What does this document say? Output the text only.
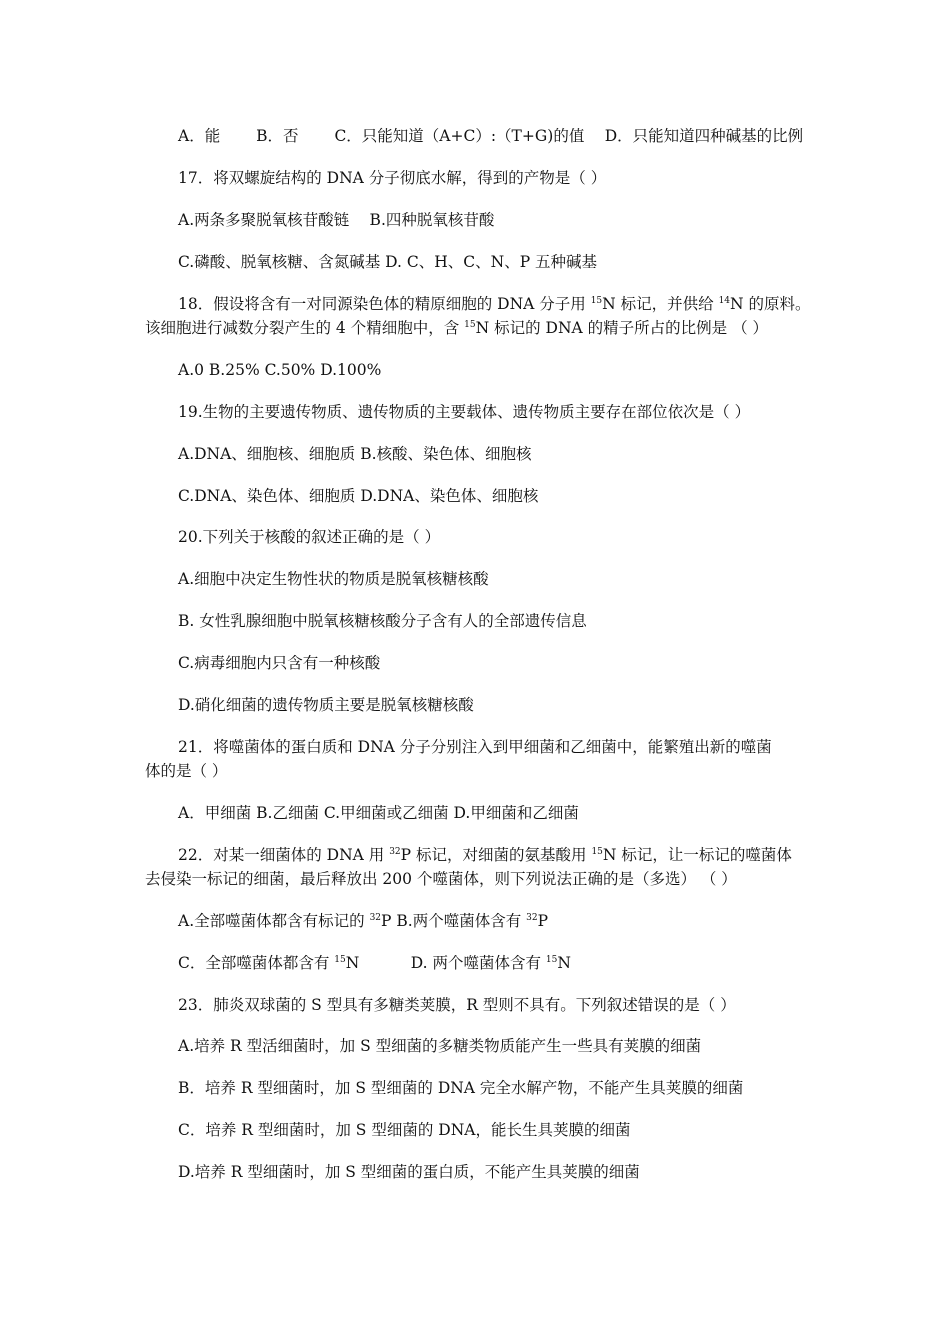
A．能　　 B．否　　 C．只能知道（A+C）:（T+G)的值　 D．只能知道四种碱基的比例
17．将双螺旋结构的 DNA 分子彻底水解，得到的产物是（ ）
A.两条多聚脱氧核苷酸链　 B.四种脱氧核苷酸
C.磷酸、脱氧核糖、含氮碱基 D. C、H、C、N、P 五种碱基
18．假设将含有一对同源染色体的精原细胞的 DNA 分子用 $^{15}$N 标记，并供给 $^{14}$N 的原料。
该细胞进行减数分裂产生的 4 个精细胞中，含 $^{15}$N 标记的 DNA 的精子所占的比例是 （ ）
A.0 B.25% C.50% D.100%
19.生物的主要遗传物质、遗传物质的主要载体、遗传物质主要存在部位依次是（ ）
A.DNA、细胞核、细胞质 B.核酸、染色体、细胞核
C.DNA、染色体、细胞质 D.DNA、染色体、细胞核
20.下列关于核酸的叙述正确的是（ ）
A.细胞中决定生物性状的物质是脱氧核糖核酸
B. 女性乳腺细胞中脱氧核糖核酸分子含有人的全部遗传信息
C.病毒细胞内只含有一种核酸
D.硝化细菌的遗传物质主要是脱氧核糖核酸
21．将噬菌体的蛋白质和 DNA 分子分别注入到甲细菌和乙细菌中，能繁殖出新的噬菌
体的是（ ）
A．甲细菌 B.乙细菌 C.甲细菌或乙细菌 D.甲细菌和乙细菌
22．对某一细菌体的 DNA 用 $^{32}$P 标记，对细菌的氨基酸用 $^{15}$N 标记，让一标记的噬菌体
去侵染一标记的细菌，最后释放出 200 个噬菌体，则下列说法正确的是（多选） （ ）
A.全部噬菌体都含有标记的 $^{32}$P B.两个噬菌体含有 $^{32}$P
C．全部噬菌体都含有 $^{15}$N　　　 D. 两个噬菌体含有 $^{15}$N
23．肺炎双球菌的 S 型具有多糖类荚膜，R 型则不具有。下列叙述错误的是（ ）
A.培养 R 型活细菌时，加 S 型细菌的多糖类物质能产生一些具有荚膜的细菌
B．培养 R 型细菌时，加 S 型细菌的 DNA 完全水解产物，不能产生具荚膜的细菌
C．培养 R 型细菌时，加 S 型细菌的 DNA，能长生具荚膜的细菌
D.培养 R 型细菌时，加 S 型细菌的蛋白质，不能产生具荚膜的细菌
